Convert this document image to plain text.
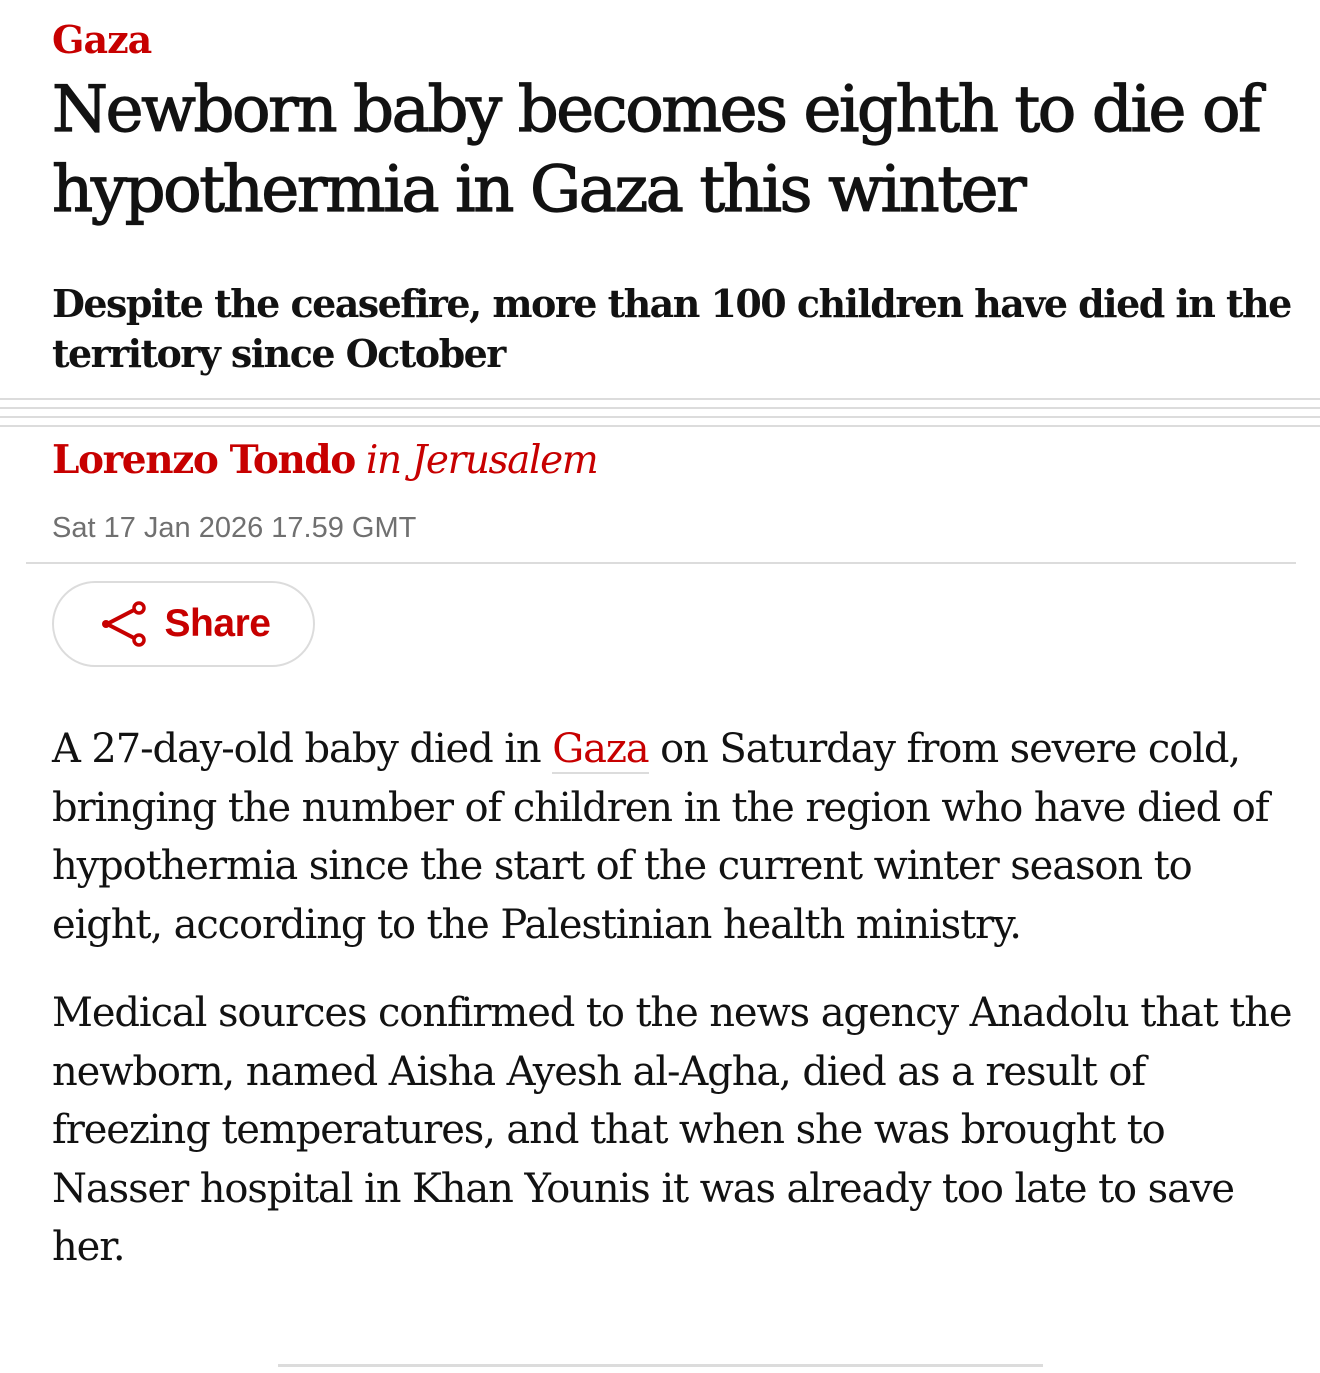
Gaza
Newborn baby becomes eighth to die of hypothermia in Gaza this winter

Despite the ceasefire, more than 100 children have died in the territory since October

Lorenzo Tondo in Jerusalem

Sat 17 Jan 2026 17.59 GMT
Share

A 27-day-old baby died in Gaza on Saturday from severe cold, bringing the number of children in the region who have died of hypothermia since the start of the current winter season to eight, according to the Palestinian health ministry.

Medical sources confirmed to the news agency Anadolu that the newborn, named Aisha Ayesh al-Agha, died as a result of freezing temperatures, and that when she was brought to Nasser hospital in Khan Younis it was already too late to save her.
